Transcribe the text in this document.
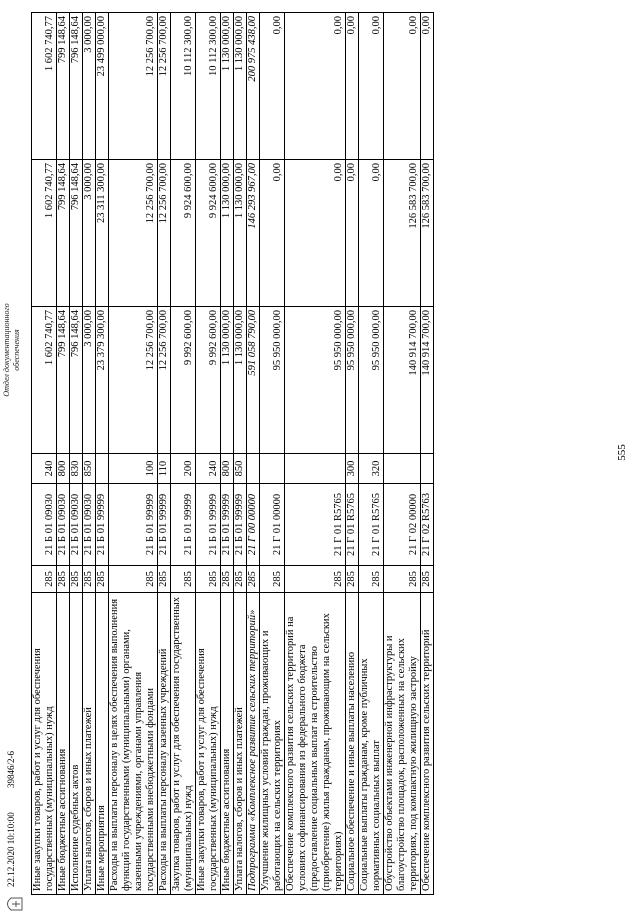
Иные закупки товаров, работ и услуг для обеспечения государственных (муниципальных) нужд	285	21 Б 01 09030	240	1 602 740,77	1 602 740,77	1 602 740,77
Иные бюджетные ассигнования	285	21 Б 01 09030	800	799 148,64	799 148,64	799 148,64
Исполнение судебных актов	285	21 Б 01 09030	830	796 148,64	796 148,64	796 148,64
Уплата налогов, сборов и иных платежей	285	21 Б 01 09030	850	3 000,00	3 000,00	3 000,00
Иные мероприятия	285	21 Б 01 99999		23 379 300,00	23 311 300,00	23 499 000,00
Расходы на выплаты персоналу в целях обеспечения выполнения функций государственными (муниципальными) органами, казенными учреждениями, органами управления государственными внебюджетными фондами	285	21 Б 01 99999	100	12 256 700,00	12 256 700,00	12 256 700,00
Расходы на выплаты персоналу казенных учреждений	285	21 Б 01 99999	110	12 256 700,00	12 256 700,00	12 256 700,00
Закупка товаров, работ и услуг для обеспечения государственных (муниципальных) нужд	285	21 Б 01 99999	200	9 992 600,00	9 924 600,00	10 112 300,00
Иные закупки товаров, работ и услуг для обеспечения государственных (муниципальных) нужд	285	21 Б 01 99999	240	9 992 600,00	9 924 600,00	10 112 300,00
Иные бюджетные ассигнования	285	21 Б 01 99999	800	1 130 000,00	1 130 000,00	1 130 000,00
Уплата налогов, сборов и иных платежей	285	21 Б 01 99999	850	1 130 000,00	1 130 000,00	1 130 000,00
Подпрограмма «Комплексное развитие сельских территорий»	285	21 Г 00 00000		591 058 790,00	146 293 967,00	200 975 438,00
Улучшение жилищных условий граждан, проживающих и работающих на сельских территориях	285	21 Г 01 00000		95 950 000,00	0,00	0,00
Обеспечение комплексного развития сельских территорий на условиях софинансирования из федерального бюджета (предоставление социальных выплат на строительство (приобретение) жилья гражданам, проживающим на сельских территориях)	285	21 Г 01 R5765		95 950 000,00	0,00	0,00
Социальное обеспечение и иные выплаты населению	285	21 Г 01 R5765	300	95 950 000,00	0,00	0,00
Социальные выплаты гражданам, кроме публичных нормативных социальных выплат	285	21 Г 01 R5765	320	95 950 000,00	0,00	0,00
Обустройство объектами инженерной инфраструктуры и благоустройство площадок, расположенных на сельских территориях, под компактную жилищную застройку	285	21 Г 02 00000		140 914 700,00	126 583 700,00	0,00
Обеспечение комплексного развития сельских территорий	285	21 Г 02 R5763		140 914 700,00	126 583 700,00	0,00
555
22.12.2020 10:10:00 39846/2-6
Отдел документационного обеспечения
